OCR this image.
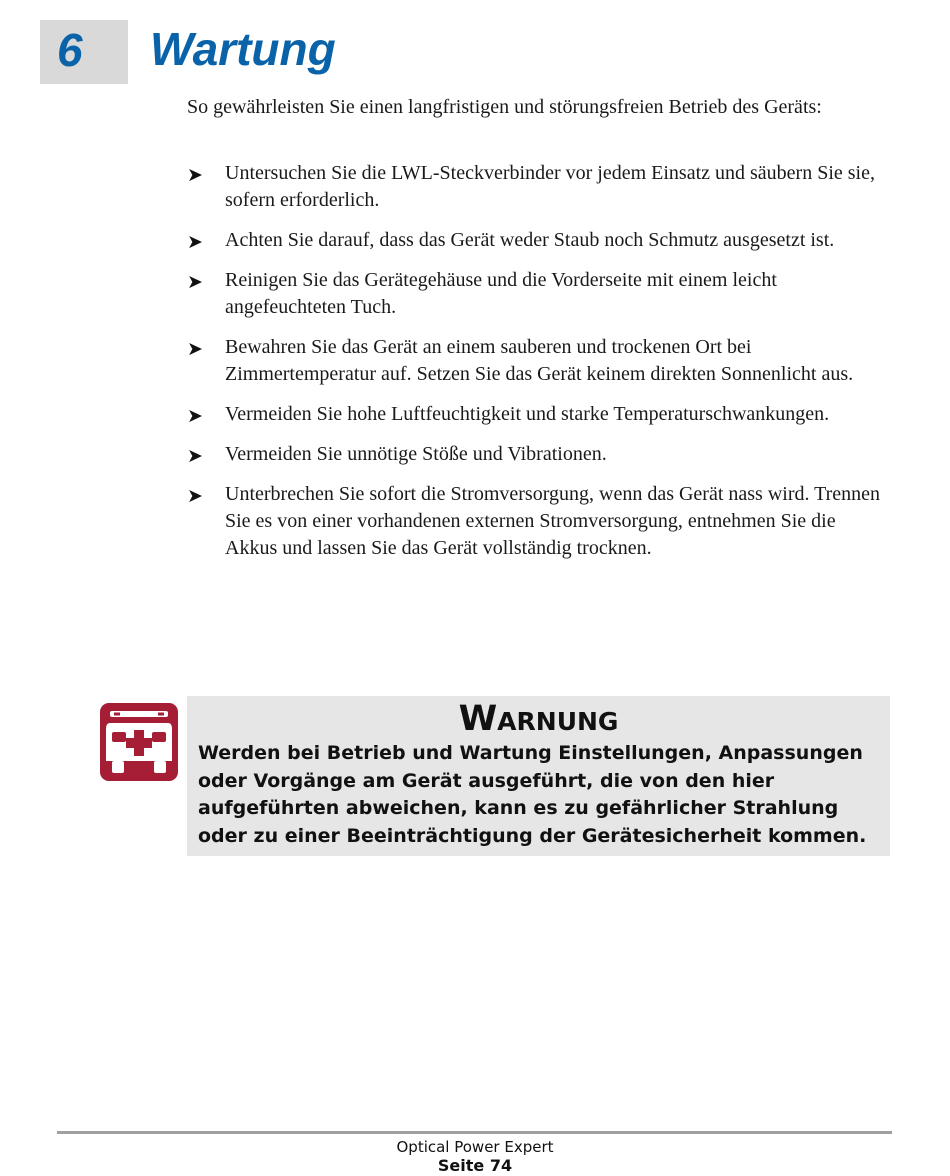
6 Wartung

So gewährleisten Sie einen langfristigen und störungsfreien Betrieb des Geräts:

➤ Untersuchen Sie die LWL-Steckverbinder vor jedem Einsatz und säubern Sie sie, sofern erforderlich.
➤ Achten Sie darauf, dass das Gerät weder Staub noch Schmutz ausgesetzt ist.
➤ Reinigen Sie das Gerätegehäuse und die Vorderseite mit einem leicht angefeuchteten Tuch.
➤ Bewahren Sie das Gerät an einem sauberen und trockenen Ort bei Zimmertemperatur auf. Setzen Sie das Gerät keinem direkten Sonnenlicht aus.
➤ Vermeiden Sie hohe Luftfeuchtigkeit und starke Temperaturschwankungen.
➤ Vermeiden Sie unnötige Stöße und Vibrationen.
➤ Unterbrechen Sie sofort die Stromversorgung, wenn das Gerät nass wird. Trennen Sie es von einer vorhandenen externen Stromversorgung, entnehmen Sie die Akkus und lassen Sie das Gerät vollständig trocknen.
Warnung

Werden bei Betrieb und Wartung Einstellungen, Anpassungen oder Vorgänge am Gerät ausgeführt, die von den hier aufgeführten abweichen, kann es zu gefährlicher Strahlung oder zu einer Beeinträchtigung der Gerätesicherheit kommen.

Optical Power Expert
Seite 74
